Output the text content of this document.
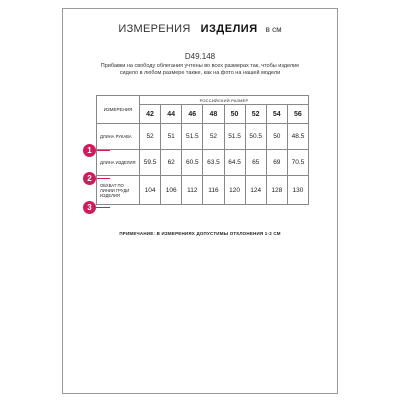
ИЗМЕРЕНИЯ ИЗДЕЛИЯ в см
D49.148
Прибавки на свободу облегания учтены во всех размерах так, чтобы изделие сидело в любом размере также, как на фото на нашей модели
1
2
3
ИЗМЕРЕНИЯ	РОССИЙСКИЙ РАЗМЕР							
	42	44	46	48	50	52	54	56
ДЛИНА РУКАВА	52	51	51.5	52	51.5	50.5	50	48.5
ДЛИНА ИЗДЕЛИЯ	59.5	62	60.5	63.5	64.5	65	69	70.5
ОБХВАТ ПО ЛИНИИ ГРУДИ ИЗДЕЛИЯ	104	106	112	116	120	124	128	130
ПРИМЕЧАНИЕ: В ИЗМЕРЕНИЯХ ДОПУСТИМЫ ОТКЛОНЕНИЯ 1-2 СМ
